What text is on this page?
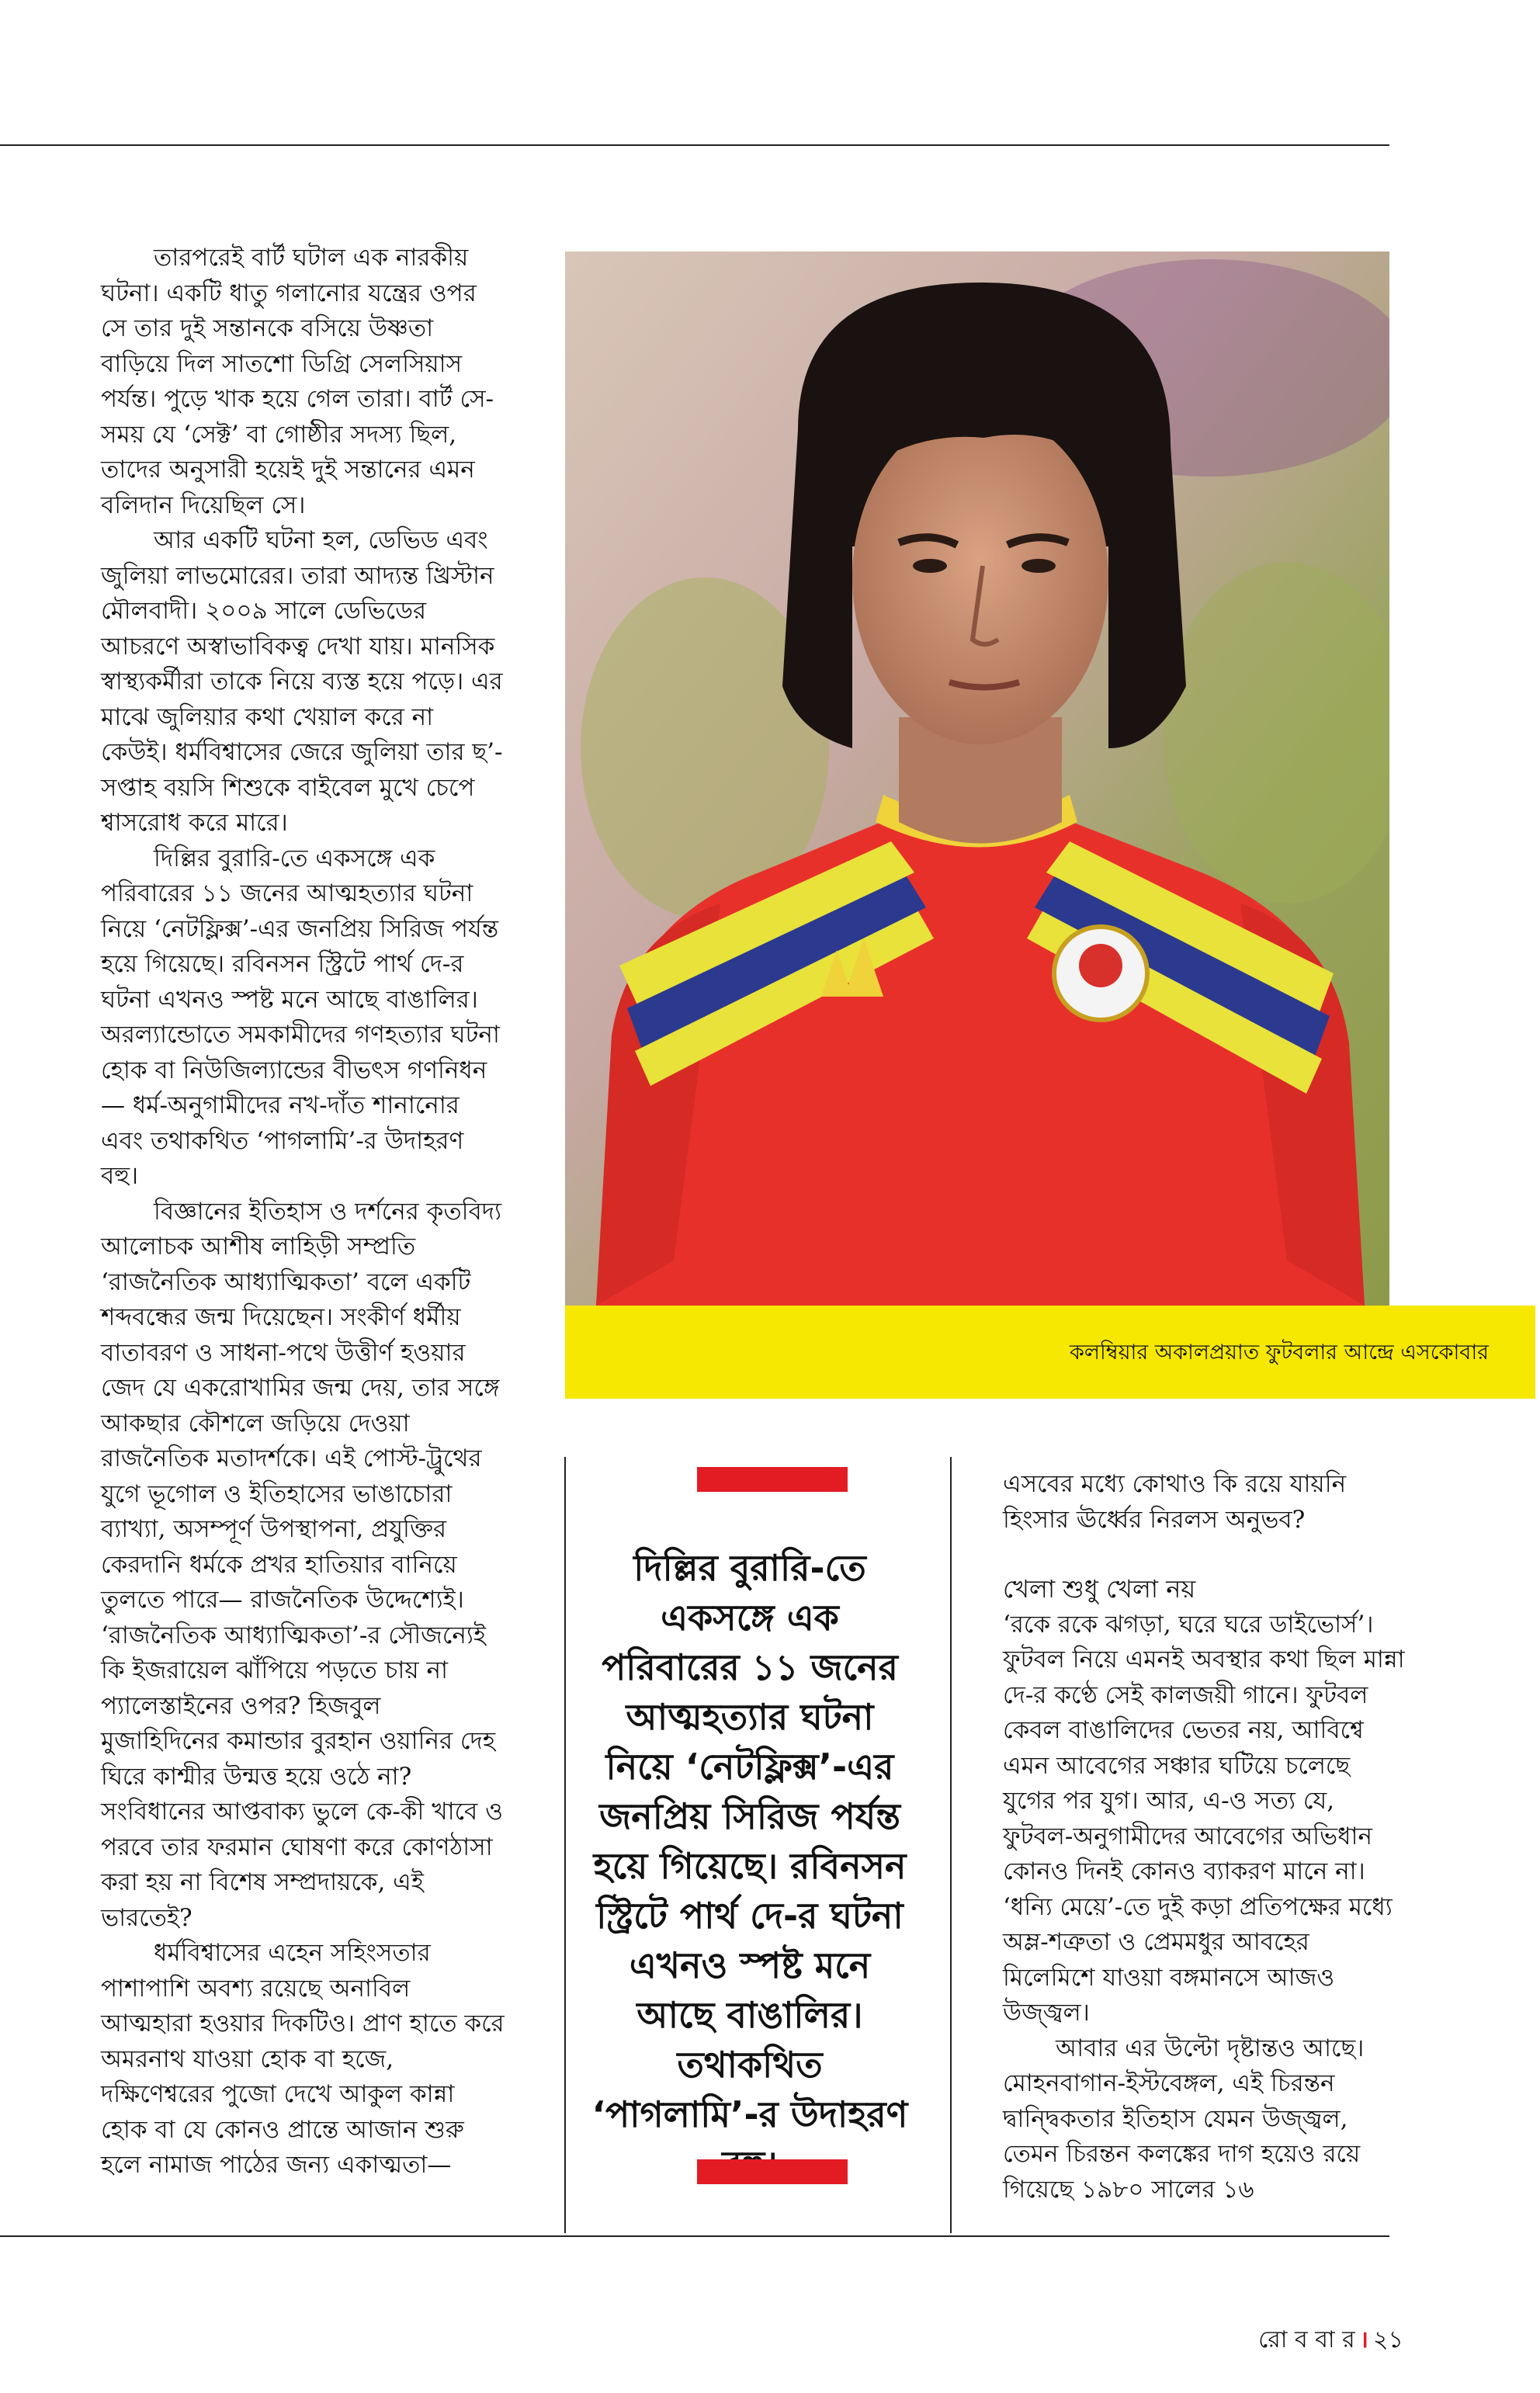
তারপরেই বার্ট ঘটাল এক নারকীয় ঘটনা। একটি ধাতু গলানোর যন্ত্রের ওপর সে তার দুই সন্তানকে বসিয়ে উষ্ণতা বাড়িয়ে দিল সাতশো ডিগ্রি সেলসিয়াস পর্যন্ত। পুড়ে খাক হয়ে গেল তারা। বার্ট সে-সময় যে ‘সেক্ট’ বা গোষ্ঠীর সদস্য ছিল, তাদের অনুসারী হয়েই দুই সন্তানের এমন বলিদান দিয়েছিল সে।

আর একটি ঘটনা হল, ডেভিড এবং জুলিয়া লাভমোরের। তারা আদ্যন্ত খ্রিস্টান মৌলবাদী। ২০০৯ সালে ডেভিডের আচরণে অস্বাভাবিকত্ব দেখা যায়। মানসিক স্বাস্থ্যকর্মীরা তাকে নিয়ে ব্যস্ত হয়ে পড়ে। এর মাঝে জুলিয়ার কথা খেয়াল করে না কেউই। ধর্মবিশ্বাসের জেরে জুলিয়া তার ছ’-সপ্তাহ বয়সি শিশুকে বাইবেল মুখে চেপে শ্বাসরোধ করে মারে।

দিল্লির বুরারি-তে একসঙ্গে এক পরিবারের ১১ জনের আত্মহত্যার ঘটনা নিয়ে ‘নেটফ্লিক্স’-এর জনপ্রিয় সিরিজ পর্যন্ত হয়ে গিয়েছে। রবিনসন স্ট্রিটে পার্থ দে-র ঘটনা এখনও স্পষ্ট মনে আছে বাঙালির। অরল্যান্ডোতে সমকামীদের গণহত্যার ঘটনা হোক বা নিউজিল্যান্ডের বীভৎস গণনিধন— ধর্ম-অনুগামীদের নখ-দাঁত শানানোর এবং তথাকথিত ‘পাগলামি’-র উদাহরণ বহু।

বিজ্ঞানের ইতিহাস ও দর্শনের কৃতবিদ্য আলোচক আশীষ লাহিড়ী সম্প্রতি ‘রাজনৈতিক আধ্যাত্মিকতা’ বলে একটি শব্দবন্ধের জন্ম দিয়েছেন। সংকীর্ণ ধর্মীয় বাতাবরণ ও সাধনা-পথে উত্তীর্ণ হওয়ার জেদ যে একরোখামির জন্ম দেয়, তার সঙ্গে আকছার কৌশলে জড়িয়ে দেওয়া রাজনৈতিক মতাদর্শকে। এই পোস্ট-ট্রুথের যুগে ভূগোল ও ইতিহাসের ভাঙাচোরা ব্যাখ্যা, অসম্পূর্ণ উপস্থাপনা, প্রযুক্তির কেরদানি ধর্মকে প্রখর হাতিয়ার বানিয়ে তুলতে পারে— রাজনৈতিক উদ্দেশ্যেই। ‘রাজনৈতিক আধ্যাত্মিকতা’-র সৌজন্যেই কি ইজরায়েল ঝাঁপিয়ে পড়তে চায় না প্যালেস্তাইনের ওপর? হিজবুল মুজাহিদিনের কমান্ডার বুরহান ওয়ানির দেহ ঘিরে কাশ্মীর উন্মত্ত হয়ে ওঠে না? সংবিধানের আপ্তবাক্য ভুলে কে-কী খাবে ও পরবে তার ফরমান ঘোষণা করে কোণঠাসা করা হয় না বিশেষ সম্প্রদায়কে, এই ভারতেই?

ধর্মবিশ্বাসের এহেন সহিংসতার পাশাপাশি অবশ্য রয়েছে অনাবিল আত্মহারা হওয়ার দিকটিও। প্রাণ হাতে করে অমরনাথ যাওয়া হোক বা হজে, দক্ষিণেশ্বরের পুজো দেখে আকুল কান্না হোক বা যে কোনও প্রান্তে আজান শুরু হলে নামাজ পাঠের জন্য একাত্মতা—

কলম্বিয়ার অকালপ্রয়াত ফুটবলার আন্দ্রে এসকোবার
দিল্লির বুরারি-তে একসঙ্গে এক পরিবারের ১১ জনের আত্মহত্যার ঘটনা নিয়ে ‘নেটফ্লিক্স’-এর জনপ্রিয় সিরিজ পর্যন্ত হয়ে গিয়েছে। রবিনসন স্ট্রিটে পার্থ দে-র ঘটনা এখনও স্পষ্ট মনে আছে বাঙালির। তথাকথিত ‘পাগলামি’-র উদাহরণ

এসবের মধ্যে কোথাও কি রয়ে যায়নি হিংসার ঊর্ধ্বের নিরলস অনুভব?

খেলা শুধু খেলা নয়

‘রকে রকে ঝগড়া, ঘরে ঘরে ডাইভোর্স’। ফুটবল নিয়ে এমনই অবস্থার কথা ছিল মান্না দে-র কণ্ঠে সেই কালজয়ী গানে। ফুটবল কেবল বাঙালিদের ভেতর নয়, আবিশ্বে এমন আবেগের সঞ্চার ঘটিয়ে চলেছে যুগের পর যুগ। আর, এ-ও সত্য যে, ফুটবল-অনুগামীদের আবেগের অভিধান কোনও দিনই কোনও ব্যাকরণ মানে না। ‘ধন্যি মেয়ে’-তে দুই কড়া প্রতিপক্ষের মধ্যে অম্ল-শত্রুতা ও প্রেমমধুর আবহের মিলেমিশে যাওয়া বঙ্গমানসে আজও উজ্জ্বল।

আবার এর উল্টো দৃষ্টান্তও আছে। মোহনবাগান-ইস্টবেঙ্গল, এই চিরন্তন দ্বান্দ্বিকতার ইতিহাস যেমন উজ্জ্বল, তেমন চিরন্তন কলঙ্কের দাগ হয়েও রয়ে গিয়েছে ১৯৮০ সালের ১৬

রো ব বা র । ২১
